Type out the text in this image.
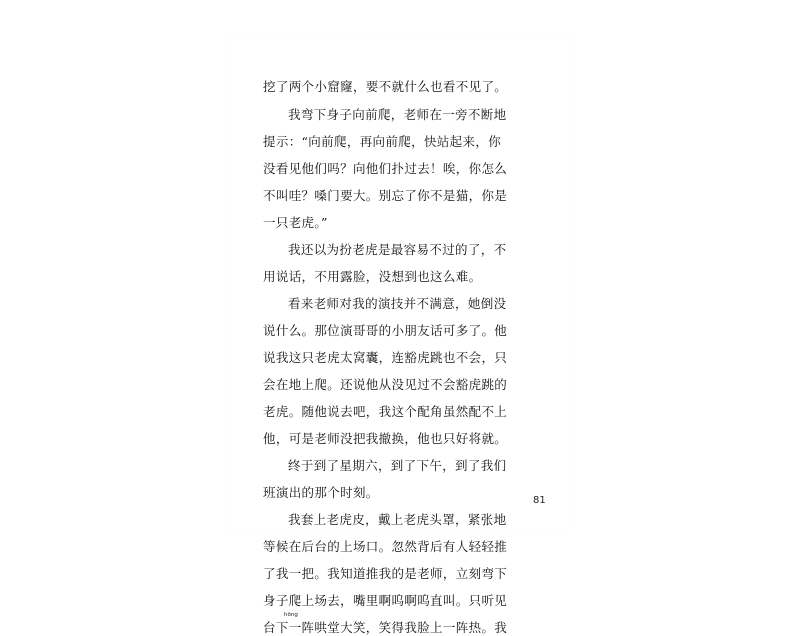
挖了两个小窟窿，要不就什么也看不见了。
我弯下身子向前爬，老师在一旁不断地
提示：“向前爬，再向前爬，快站起来，你
没看见他们吗？向他们扑过去！唉，你怎么
不叫哇？嗓门要大。别忘了你不是猫，你是
一只老虎。”
我还以为扮老虎是最容易不过的了，不
用说话，不用露脸，没想到也这么难。
看来老师对我的演技并不满意，她倒没
说什么。那位演哥哥的小朋友话可多了。他
说我这只老虎太窝囊，连豁虎跳也不会，只
会在地上爬。还说他从没见过不会豁虎跳的
老虎。随他说去吧，我这个配角虽然配不上
他，可是老师没把我撤换，他也只好将就。
终于到了星期六，到了下午，到了我们
班演出的那个时刻。
我套上老虎皮，戴上老虎头罩，紧张地
等候在后台的上场口。忽然背后有人轻轻推
了我一把。我知道推我的是老师，立刻弯下
身子爬上场去，嘴里啊呜啊呜直叫。只听见
台下一阵哄堂大笑，笑得我脸上一阵热。我
hōng
81
